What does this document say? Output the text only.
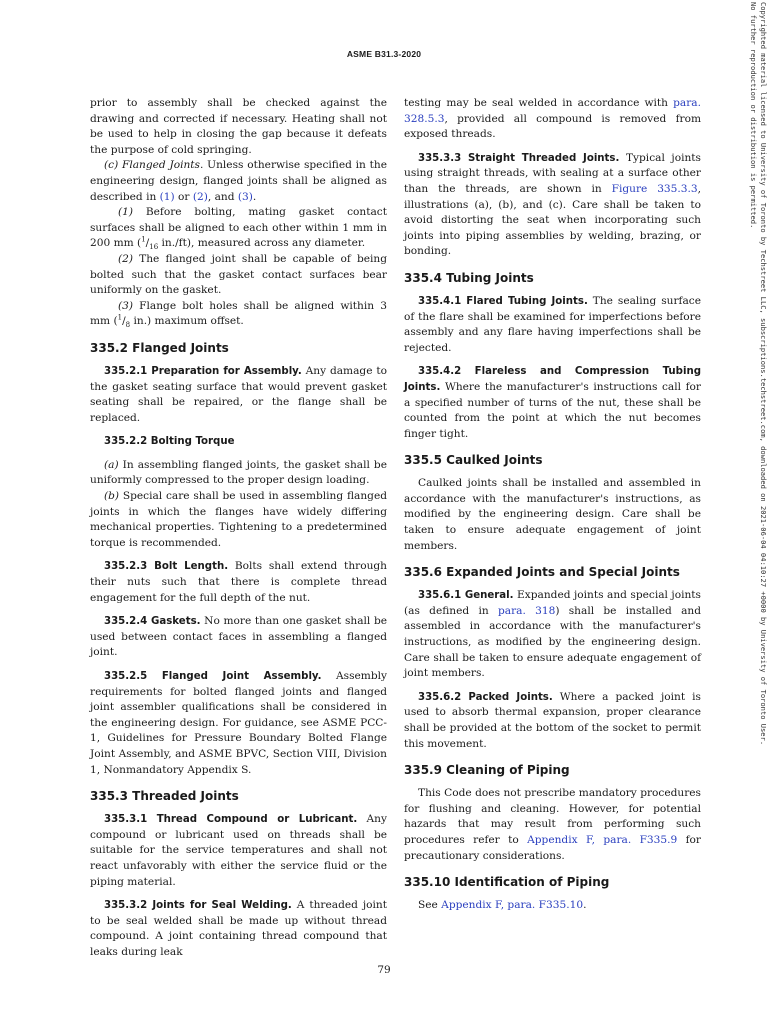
ASME B31.3-2020	Copyrighted material licensed to University of Toronto by Techstreet LLC, subscriptions.techstreet.com, downloaded on 2021-06-04 04:10:27 +0000 by University of Toronto User.
No further reproduction or distribution is permitted.

prior to assembly shall be checked against the drawing and corrected if necessary. Heating shall not be used to help in closing the gap because it defeats the purpose of cold springing.

(c) Flanged Joints. Unless otherwise specified in the engineering design, flanged joints shall be aligned as described in (1) or (2), and (3).

(1) Before bolting, mating gasket contact surfaces shall be aligned to each other within 1 mm in 200 mm ($^1/_{16}$ in./ft), measured across any diameter.

(2) The flanged joint shall be capable of being bolted such that the gasket contact surfaces bear uniformly on the gasket.

(3) Flange bolt holes shall be aligned within 3 mm ($^1/_8$ in.) maximum offset.

335.2 Flanged Joints

335.2.1 Preparation for Assembly. Any damage to the gasket seating surface that would prevent gasket seating shall be repaired, or the flange shall be replaced.

335.2.2 Bolting Torque

(a) In assembling flanged joints, the gasket shall be uniformly compressed to the proper design loading.

(b) Special care shall be used in assembling flanged joints in which the flanges have widely differing mechanical properties. Tightening to a predetermined torque is recommended.

335.2.3 Bolt Length. Bolts shall extend through their nuts such that there is complete thread engagement for the full depth of the nut.

335.2.4 Gaskets. No more than one gasket shall be used between contact faces in assembling a flanged joint.

335.2.5 Flanged Joint Assembly. Assembly requirements for bolted flanged joints and flanged joint assembler qualifications shall be considered in the engineering design. For guidance, see ASME PCC-1, Guidelines for Pressure Boundary Bolted Flange Joint Assembly, and ASME BPVC, Section VIII, Division 1, Nonmandatory Appendix S.

335.3 Threaded Joints

335.3.1 Thread Compound or Lubricant. Any compound or lubricant used on threads shall be suitable for the service temperatures and shall not react unfavorably with either the service fluid or the piping material.

335.3.2 Joints for Seal Welding. A threaded joint to be seal welded shall be made up without thread compound. A joint containing thread compound that leaks during leak

testing may be seal welded in accordance with para. 328.5.3, provided all compound is removed from exposed threads.

335.3.3 Straight Threaded Joints. Typical joints using straight threads, with sealing at a surface other than the threads, are shown in Figure 335.3.3, illustrations (a), (b), and (c). Care shall be taken to avoid distorting the seat when incorporating such joints into piping assemblies by welding, brazing, or bonding.

335.4 Tubing Joints

335.4.1 Flared Tubing Joints. The sealing surface of the flare shall be examined for imperfections before assembly and any flare having imperfections shall be rejected.

335.4.2 Flareless and Compression Tubing Joints. Where the manufacturer's instructions call for a specified number of turns of the nut, these shall be counted from the point at which the nut becomes finger tight.

335.5 Caulked Joints

Caulked joints shall be installed and assembled in accordance with the manufacturer's instructions, as modified by the engineering design. Care shall be taken to ensure adequate engagement of joint members.

335.6 Expanded Joints and Special Joints

335.6.1 General. Expanded joints and special joints (as defined in para. 318) shall be installed and assembled in accordance with the manufacturer's instructions, as modified by the engineering design. Care shall be taken to ensure adequate engagement of joint members.

335.6.2 Packed Joints. Where a packed joint is used to absorb thermal expansion, proper clearance shall be provided at the bottom of the socket to permit this movement.

335.9 Cleaning of Piping

This Code does not prescribe mandatory procedures for flushing and cleaning. However, for potential hazards that may result from performing such procedures refer to Appendix F, para. F335.9 for precautionary considerations.

335.10 Identification of Piping

See Appendix F, para. F335.10.

79
